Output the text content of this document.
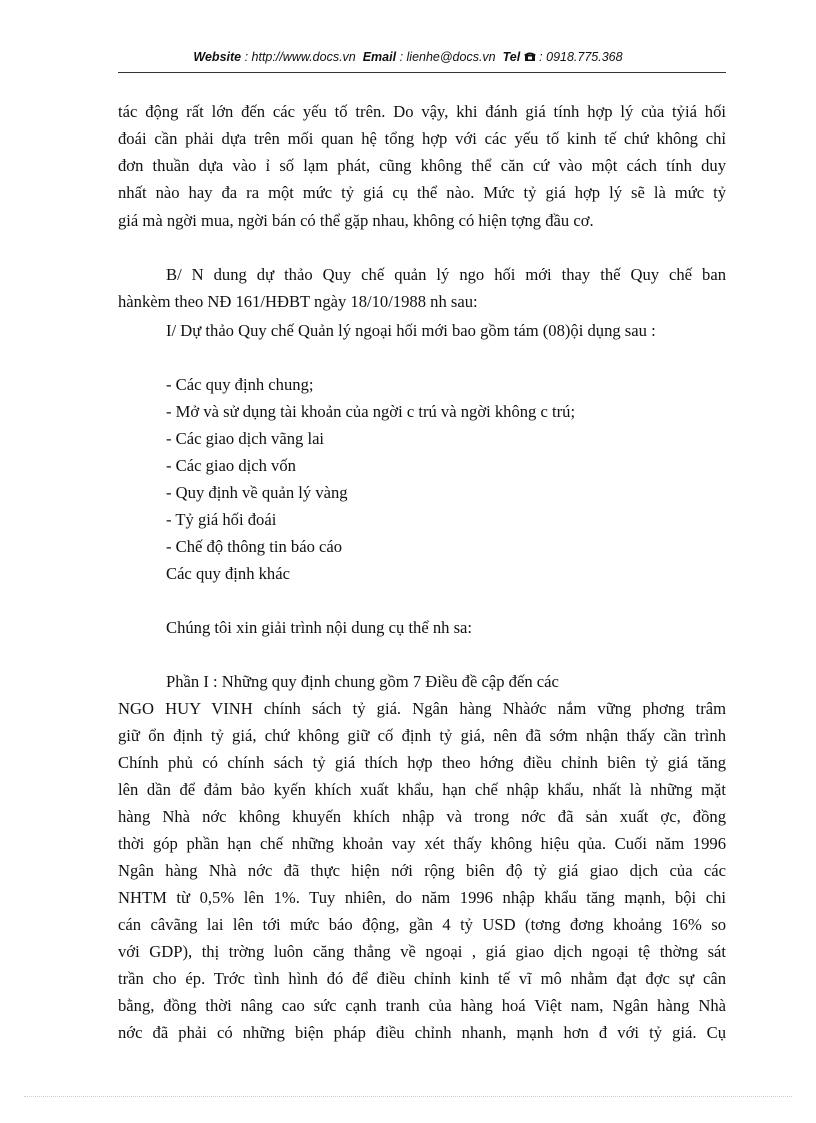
Website : http://www.docs.vn Email : lienhe@docs.vn Tel : 0918.775.368
tác động rất lớn đến các yếu tố trên. Do vậy, khi đánh giá tính hợp lý của tỷiá hối
đoái cần phải dựa trên mối quan hệ tổng hợp với các yếu tố kinh tế chứ không chỉ
đơn thuần dựa vào ỉ số lạm phát, cũng không thể căn cứ vào một cách tính duy
nhất nào hay đa ra một mức tỷ giá cụ thể nào. Mức tỷ giá hợp lý sẽ là mức tỷ
giá mà ngời mua, ngời bán có thể gặp nhau, không có hiện tợng đầu cơ.
B/ N dung dự thảo Quy chế quản lý ngo hối mới thay thế Quy chế ban
hànkèm theo NĐ 161/HĐBT ngày 18/10/1988 nh sau:
I/ Dự thảo Quy chế Quản lý ngoại hối mới bao gồm tám (08)ội dụng sau :
- Các quy định chung;
- Mở và sử dụng tài khoản của ngời c trú và ngời không c trú;
- Các giao dịch vãng lai
- Các giao dịch vốn
- Quy định về quản lý vàng
- Tỷ giá hối đoái
- Chế độ thông tin báo cáo
Các quy định khác
Chúng tôi xin giải trình nội dung cụ thể nh sa:
Phần I : Những quy định chung gồm 7 Điều đề cập đến các
NGO HUY VINH chính sách tỷ giá. Ngân hàng Nhàớc nắm vững phơng trâm
giữ ổn định tỷ giá, chứ không giữ cố định tỷ giá, nên đã sớm nhận thấy cần trình
Chính phủ có chính sách tỷ giá thích hợp theo hớng điều chỉnh biên tỷ giá tăng
lên dần để đảm bảo kyến khích xuất khẩu, hạn chế nhập khẩu, nhất là những mặt
hàng Nhà nớc không khuyến khích nhập và trong nớc đã sản xuất ợc, đồng
thời góp phần hạn chế những khoản vay xét thấy không hiệu qủa. Cuối năm 1996
Ngân hàng Nhà nớc đã thực hiện nới rộng biên độ tỷ giá giao dịch của các
NHTM từ 0,5% lên 1%. Tuy nhiên, do năm 1996 nhập khẩu tăng mạnh, bội chi
cán câvãng lai lên tới mức báo động, gần 4 tỷ USD (tơng đơng khoảng 16% so
với GDP), thị trờng luôn căng thẳng về ngoại , giá giao dịch ngoại tệ thờng sát
trần cho ép. Trớc tình hình đó để điều chỉnh kinh tế vĩ mô nhằm đạt đợc sự cân
bằng, đồng thời nâng cao sức cạnh tranh của hàng hoá Việt nam, Ngân hàng Nhà
nớc đã phải có những biện pháp điều chỉnh nhanh, mạnh hơn đ với tỷ giá. Cụ
